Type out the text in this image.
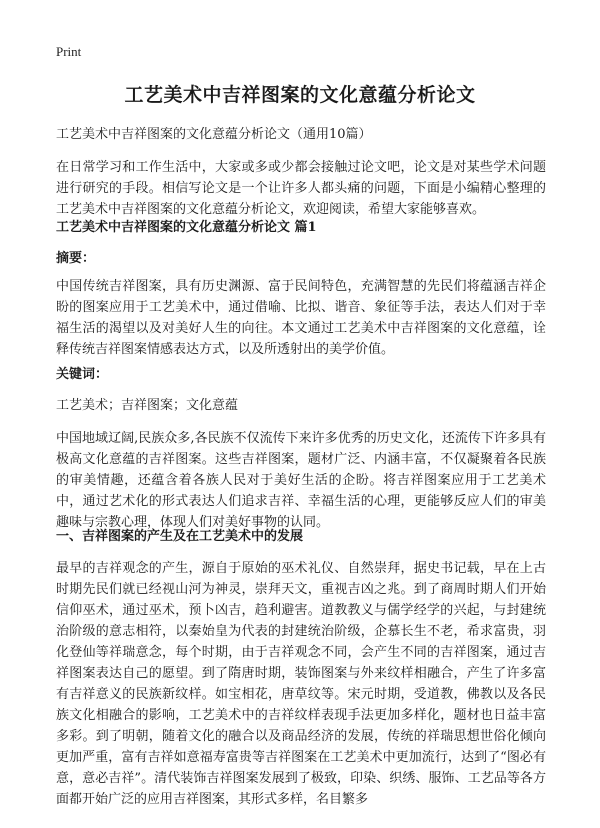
Print
工艺美术中吉祥图案的文化意蕴分析论文

工艺美术中吉祥图案的文化意蕴分析论文（通用10篇）

在日常学习和工作生活中，大家或多或少都会接触过论文吧，论文是对某些学术问题进行研究的手段。相信写论文是一个让许多人都头痛的问题，下面是小编精心整理的工艺美术中吉祥图案的文化意蕴分析论文，欢迎阅读，希望大家能够喜欢。

工艺美术中吉祥图案的文化意蕴分析论文 篇1

摘要：

中国传统吉祥图案，具有历史渊源、富于民间特色，充满智慧的先民们将蕴涵吉祥企盼的图案应用于工艺美术中，通过借喻、比拟、谐音、象征等手法，表达人们对于幸福生活的渴望以及对美好人生的向往。本文通过工艺美术中吉祥图案的文化意蕴，诠释传统吉祥图案情感表达方式，以及所透射出的美学价值。

关键词：

工艺美术；吉祥图案；文化意蕴

中国地域辽阔,民族众多,各民族不仅流传下来许多优秀的历史文化，还流传下许多具有极高文化意蕴的吉祥图案。这些吉祥图案，题材广泛、内涵丰富，不仅凝聚着各民族的审美情趣，还蕴含着各族人民对于美好生活的企盼。将吉祥图案应用于工艺美术中，通过艺术化的形式表达人们追求吉祥、幸福生活的心理，更能够反应人们的审美趣味与宗教心理，体现人们对美好事物的认同。

一、吉祥图案的产生及在工艺美术中的发展

最早的吉祥观念的产生，源自于原始的巫术礼仪、自然崇拜，据史书记载，早在上古时期先民们就已经视山河为神灵，崇拜天文，重视吉凶之兆。到了商周时期人们开始信仰巫术，通过巫术，预卜凶吉，趋利避害。道教教义与儒学经学的兴起，与封建统治阶级的意志相符，以秦始皇为代表的封建统治阶级，企慕长生不老，希求富贵，羽化登仙等祥瑞意念，每个时期，由于吉祥观念不同，会产生不同的吉祥图案，通过吉祥图案表达自己的愿望。到了隋唐时期，装饰图案与外来纹样相融合，产生了许多富有吉祥意义的民族新纹样。如宝相花，唐草纹等。宋元时期，受道教，佛教以及各民族文化相融合的影响，工艺美术中的吉祥纹样表现手法更加多样化，题材也日益丰富多彩。到了明朝，随着文化的融合以及商品经济的发展，传统的祥瑞思想世俗化倾向更加严重，富有吉祥如意福寿富贵等吉祥图案在工艺美术中更加流行，达到了“图必有意，意必吉祥”。清代装饰吉祥图案发展到了极致，印染、织绣、服饰、工艺品等各方面都开始广泛的应用吉祥图案，其形式多样，名目繁多
